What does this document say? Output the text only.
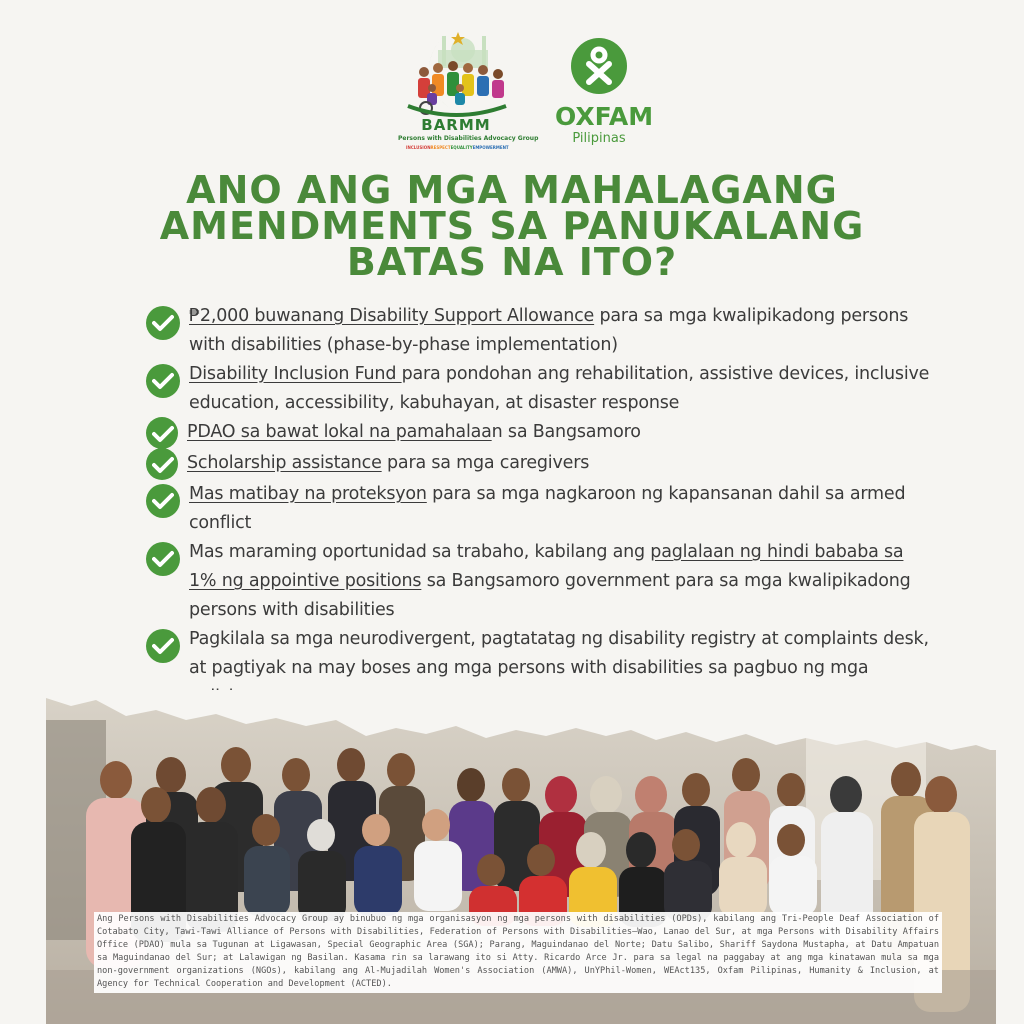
BARMM
Persons with Disabilities Advocacy Group
INCLUSION RESPECT EQUALITY EMPOWERMENT
OXFAM
Pilipinas
ANO ANG MGA MAHALAGANG AMENDMENTS SA PANUKALANG BATAS NA ITO?
₱2,000 buwanang Disability Support Allowance para sa mga kwalipikadong persons with disabilities (phase-by-phase implementation)
Disability Inclusion Fund para pondohan ang rehabilitation, assistive devices, inclusive education, accessibility, kabuhayan, at disaster response
PDAO sa bawat lokal na pamahalaan sa Bangsamoro
Scholarship assistance para sa mga caregivers
Mas matibay na proteksyon para sa mga nagkaroon ng kapansanan dahil sa armed conflict
Mas maraming oportunidad sa trabaho, kabilang ang paglalaan ng hindi bababa sa 1% ng appointive positions sa Bangsamoro government para sa mga kwalipikadong persons with disabilities
Pagkilala sa mga neurodivergent, pagtatatag ng disability registry at complaints desk, at pagtiyak na may boses ang mga persons with disabilities sa pagbuo ng mga
Ang Persons with Disabilities Advocacy Group ay binubuo ng mga organisasyon ng mga persons with disabilities (OPDs), kabilang ang Tri-People Deaf Association of Cotabato City, Tawi-Tawi Alliance of Persons with Disabilities, Federation of Persons with Disabilities–Wao, Lanao del Sur, at mga Persons with Disability Affairs Office (PDAO) mula sa Tugunan at Ligawasan, Special Geographic Area (SGA); Parang, Maguindanao del Norte; Datu Salibo, Shariff Saydona Mustapha, at Datu Ampatuan sa Maguindanao del Sur; at Lalawigan ng Basilan. Kasama rin sa larawang ito si Atty. Ricardo Arce Jr. para sa legal na paggabay at ang mga kinatawan mula sa mga non-government organizations (NGOs), kabilang ang Al-Mujadilah Women's Association (AMWA), UnYPhil-Women, WEAct135, Oxfam Pilipinas, Humanity & Inclusion, at Agency for Technical Cooperation and Development (ACTED).
